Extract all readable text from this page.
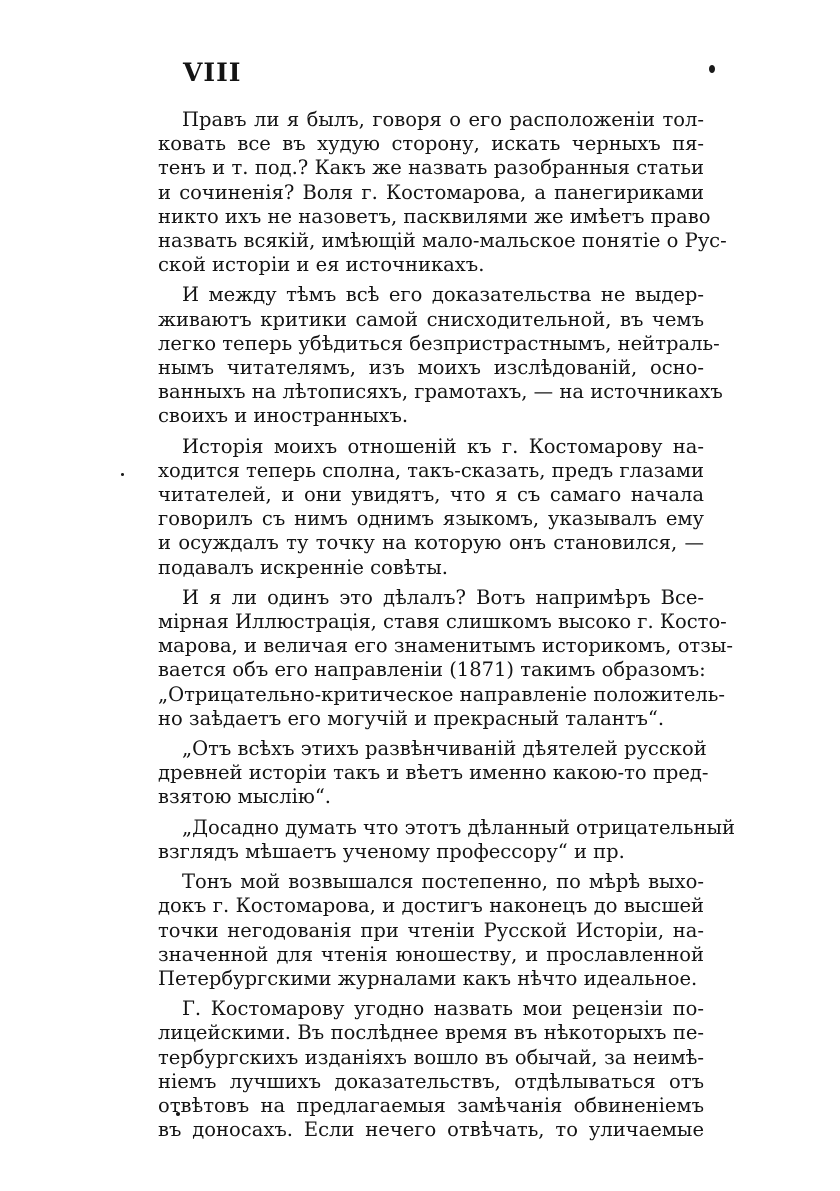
VIII

Правъ ли я былъ, говоря о его расположенiи тол-
ковать все въ худую сторону, искать черныхъ пя-
тенъ и т. под.? Какъ же назвать разобранныя статьи
и сочиненiя? Воля г. Костомарова, а панегириками
никто ихъ не назоветъ, пасквилями же имѣетъ право
назвать всякiй, имѣющiй мало-мальское понятiе о Рус-
ской исторiи и ея источникахъ.

И между тѣмъ всѣ его доказательства не выдер-
живаютъ критики самой снисходительной, въ чемъ
легко теперь убѣдиться безпристрастнымъ, нейтраль-
нымъ читателямъ, изъ моихъ изслѣдованiй, осно-
ванныхъ на лѣтописяхъ, грамотахъ, — на источникахъ
своихъ и иностранныхъ.

Исторiя моихъ отношенiй къ г. Костомарову на-
ходится теперь сполна, такъ-сказать, предъ глазами
читателей, и они увидятъ, что я съ самаго начала
говорилъ съ нимъ однимъ языкомъ, указывалъ ему
и осуждалъ ту точку на которую онъ становился, —
подавалъ искреннiе совѣты.

И я ли одинъ это дѣлалъ? Вотъ напримѣръ Все-
мiрная Иллюстрацiя, ставя слишкомъ высоко г. Косто-
марова, и величая его знаменитымъ историкомъ, отзы-
вается объ его направленiи (1871) такимъ образомъ:
„Отрицательно-критическое направленiе положитель-
но заѣдаетъ его могучiй и прекрасный талантъ“.

„Отъ всѣхъ этихъ развѣнчиванiй дѣятелей русской
древней исторiи такъ и вѣетъ именно какою-то пред-
взятою мыслiю“.

„Досадно думать что этотъ дѣланный отрицательный
взглядъ мѣшаетъ ученому профессору“ и пр.

Тонъ мой возвышался постепенно, по мѣрѣ выхо-
докъ г. Костомарова, и достигъ наконецъ до высшей
точки негодованiя при чтенiи Русской Исторiи, на-
значенной для чтенiя юношеству, и прославленной
Петербургскими журналами какъ нѣчто идеальное.

Г. Костомарову угодно назвать мои рецензiи по-
лицейскими. Въ послѣднее время въ нѣкоторыхъ пе-
тербургскихъ изданiяхъ вошло въ обычай, за неимѣ-
нiемъ лучшихъ доказательствъ, отдѣлываться отъ
отвѣтовъ на предлагаемыя замѣчанiя обвиненiемъ
въ доносахъ. Если нечего отвѣчать, то уличаемые
